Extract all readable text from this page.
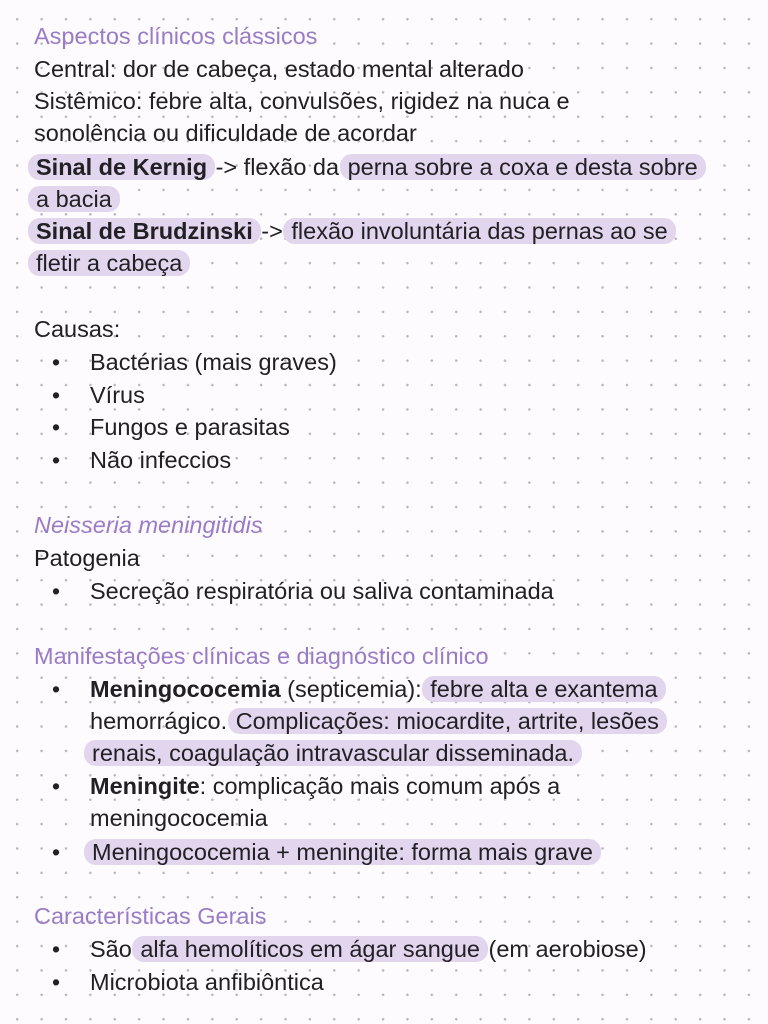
Aspectos clínicos clássicos
Central: dor de cabeça, estado mental alterado
Sistêmico: febre alta, convulsões, rigidez na nuca e
sonolência ou dificuldade de acordar
Sinal de Kernig -> flexão da perna sobre a coxa e desta sobre
a bacia
Sinal de Brudzinski -> flexão involuntária das pernas ao se
fletir a cabeça
Causas:
• Bactérias (mais graves)
• Vírus
• Fungos e parasitas
• Não infeccios
Neisseria meningitidis
Patogenia
• Secreção respiratória ou saliva contaminada
Manifestações clínicas e diagnóstico clínico
• Meningococemia (septicemia): febre alta e exantema
hemorrágico. Complicações: miocardite, artrite, lesões
renais, coagulação intravascular disseminada.
• Meningite: complicação mais comum após a
meningococemia
• Meningococemia + meningite: forma mais grave
Características Gerais
• São alfa hemolíticos em ágar sangue (em aerobiose)
• Microbiota anfibiôntica
